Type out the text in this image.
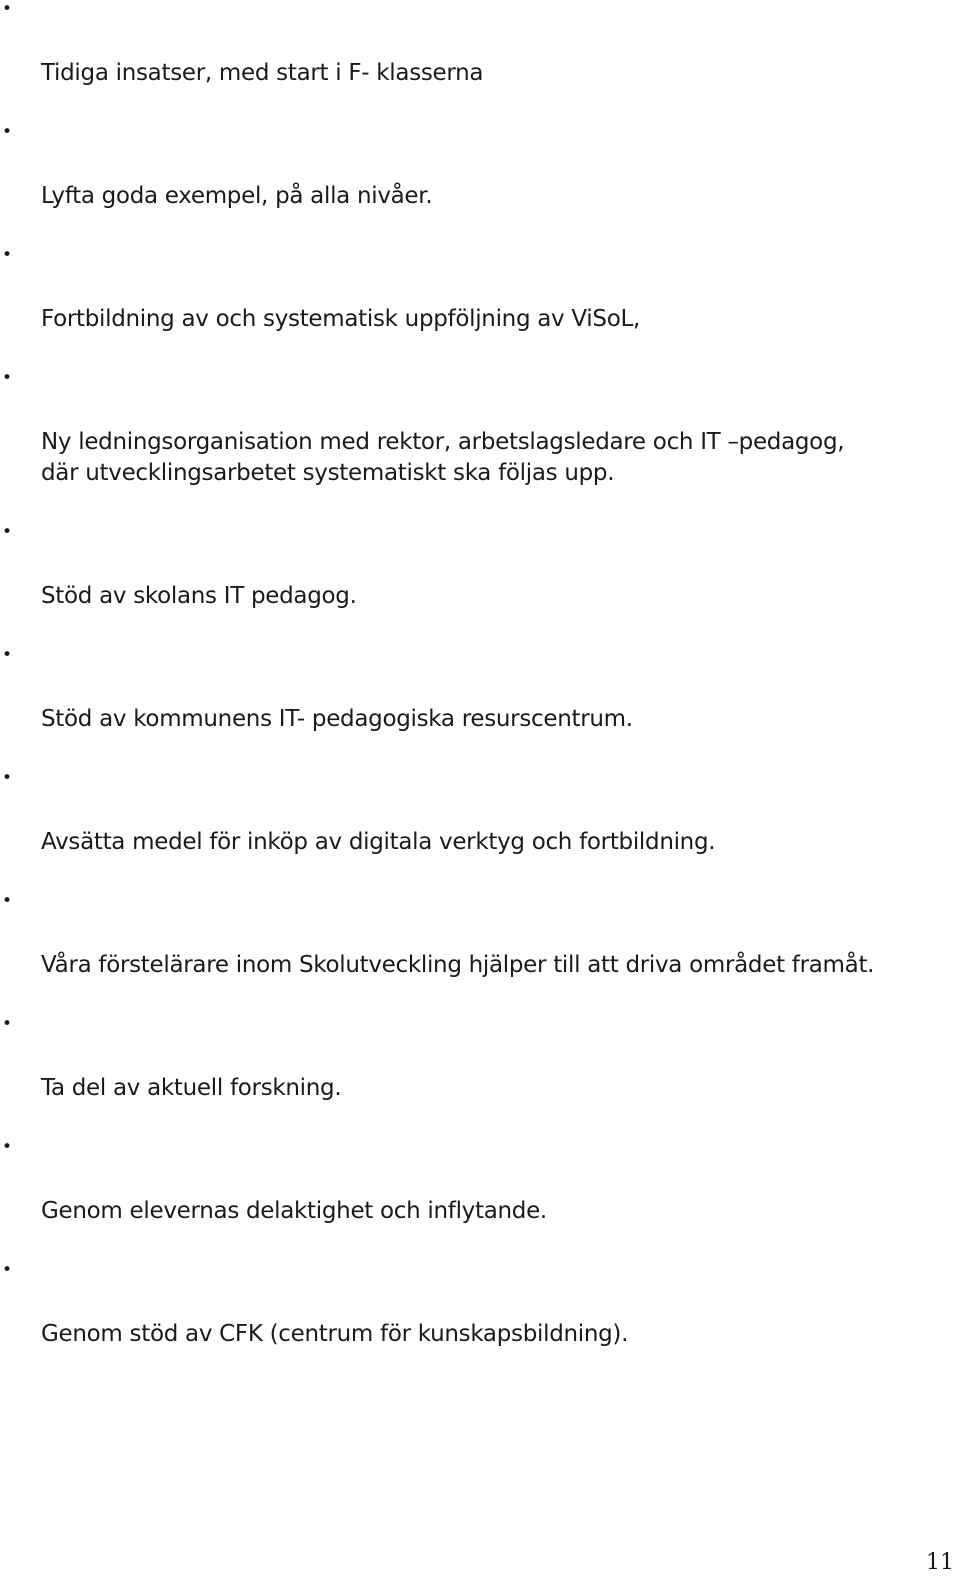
•

Tidiga insatser, med start i F- klasserna

•

Lyfta goda exempel, på alla nivåer.

•

Fortbildning av och systematisk uppföljning av ViSoL,

•

Ny ledningsorganisation med rektor, arbetslagsledare och IT –pedagog,
där utvecklingsarbetet systematiskt ska följas upp.

•

Stöd av skolans IT pedagog.

•

Stöd av kommunens IT- pedagogiska resurscentrum.

•

Avsätta medel för inköp av digitala verktyg och fortbildning.

•

Våra förstelärare inom Skolutveckling hjälper till att driva området framåt.

•

Ta del av aktuell forskning.

•

Genom elevernas delaktighet och inflytande.

•

Genom stöd av CFK (centrum för kunskapsbildning).

11
